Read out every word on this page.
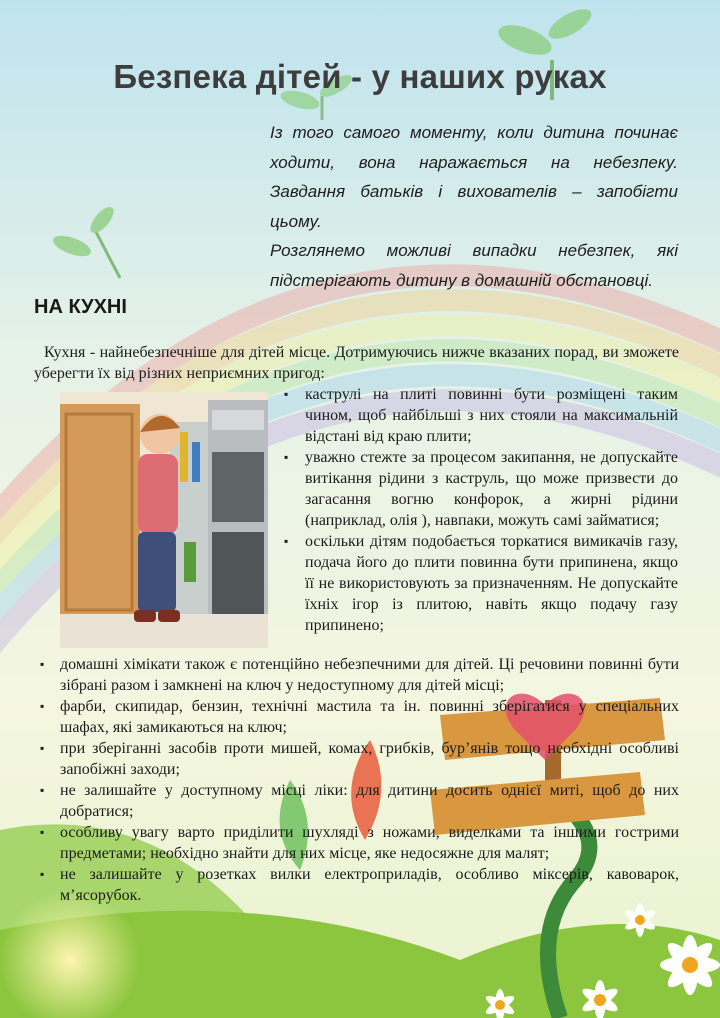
Безпека дітей - у наших руках

Із того самого моменту, коли дитина починає ходити, вона наражається на небезпеку. Завдання батьків і вихователів – запобігти цьому.

Розглянемо можливі випадки небезпек, які підстерігають дитину в домашній обстановці.

НА КУХНІ
Кухня - найнебезпечніше для дітей місце. Дотримуючись нижче вказаних порад, ви зможете уберегти їх від різних неприємних пригод:
▪ каструлі на плиті повинні бути розміщені таким чином, щоб найбільші з них стояли на максимальній відстані від краю плити;
▪ уважно стежте за процесом закипання, не допускайте витікання рідини з каструль, що може призвести до загасання вогню конфорок, а жирні рідини (наприклад, олія ), навпаки, можуть самі займатися;
▪ оскільки дітям подобається торкатися вимикачів газу, подача його до плити повинна бути припинена, якщо її не використовують за призначенням. Не допускайте їхніх ігор із плитою, навіть якщо подачу газу припинено;
▪ домашні хімікати також є потенційно небезпечними для дітей. Ці речовини повинні бути зібрані разом і замкнені на ключ у недоступному для дітей місці;
▪ фарби, скипидар, бензин, технічні мастила та ін. повинні зберігатися у спеціальних шафах, які замикаються на ключ;
▪ при зберіганні засобів проти мишей, комах, грибків, бур’янів тощо необхідні особливі запобіжні заходи;
▪ не залишайте у доступному місці ліки: для дитини досить однієї миті, щоб до них добратися;
▪ особливу увагу варто приділити шухляді з ножами, виделками та іншими гострими предметами; необхідно знайти для них місце, яке недосяжне для малят;
▪ не залишайте у розетках вилки електроприладів, особливо міксерів, кавоварок, м’ясорубок.
